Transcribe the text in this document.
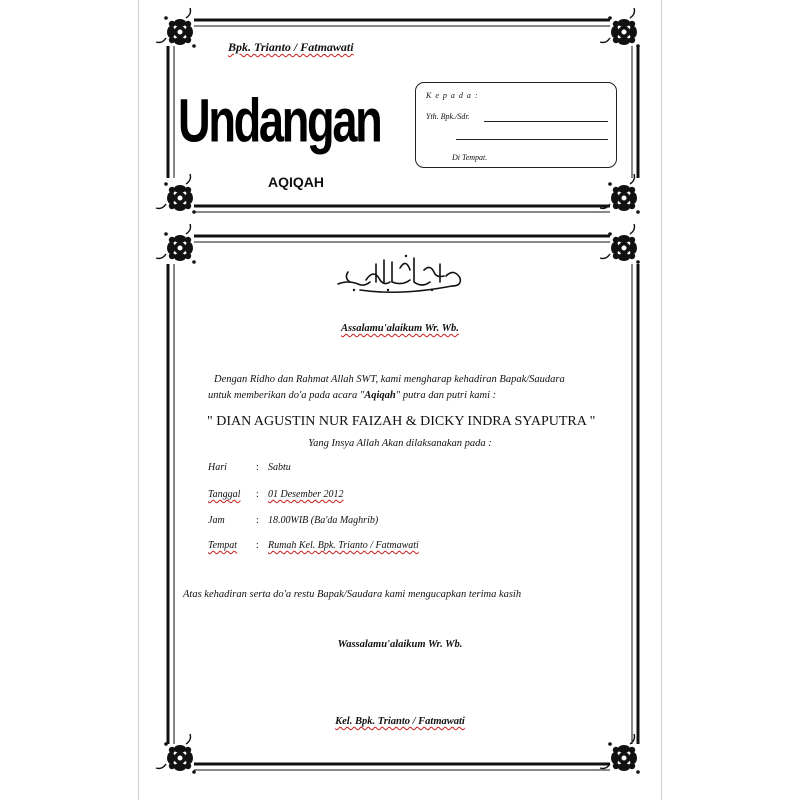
Bpk. Trianto / Fatmawati
Undangan
AQIQAH
K e p a d a :
Yth. Bpk./Sdr.
Di Tempat.
Assalamu'alaikum Wr. Wb.
Dengan Ridho dan Rahmat Allah SWT, kami mengharap kehadiran Bapak/Saudara
untuk memberikan do'a pada acara "Aqiqah" putra dan putri kami :
" DIAN AGUSTIN NUR FAIZAH & DICKY INDRA SYAPUTRA "
Yang Insya Allah Akan dilaksanakan pada :
Hari	: Sabtu
Tanggal : 01 Desember 2012
Jam	: 18.00WIB (Ba'da Maghrib)
Tempat : Rumah Kel. Bpk. Trianto / Fatmawati
Atas kehadiran serta do'a restu Bapak/Saudara kami mengucapkan terima kasih
Wassalamu'alaikum Wr. Wb.
Kel. Bpk. Trianto / Fatmawati
